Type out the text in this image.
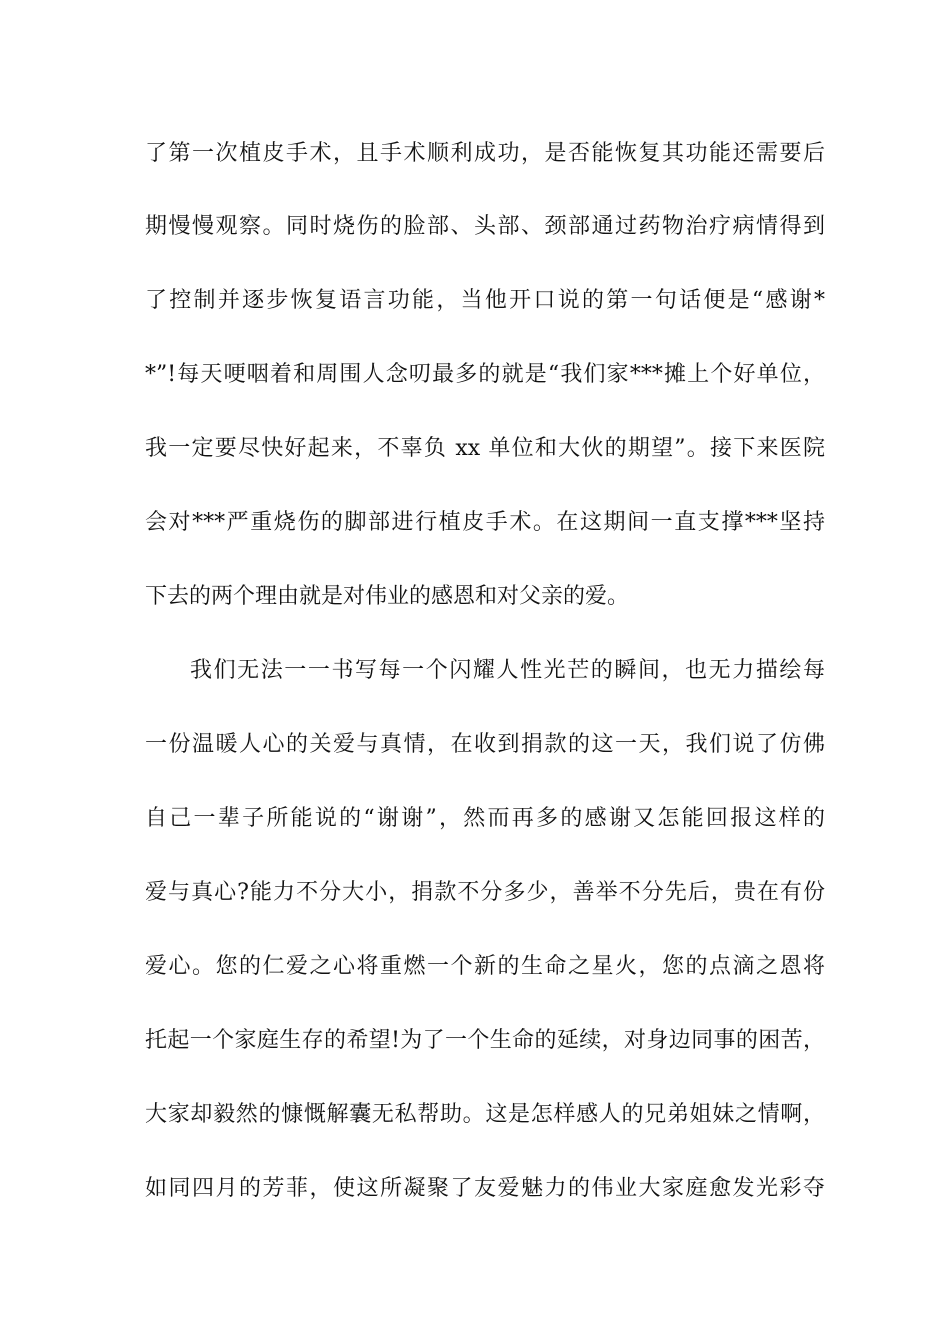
了第一次植皮手术，且手术顺利成功，是否能恢复其功能还需要后
期慢慢观察。同时烧伤的脸部、头部、颈部通过药物治疗病情得到
了控制并逐步恢复语言功能，当他开口说的第一句话便是“感谢*
*”!每天哽咽着和周围人念叨最多的就是“我们家***摊上个好单位，
我一定要尽快好起来，不辜负 xx 单位和大伙的期望”。接下来医院
会对***严重烧伤的脚部进行植皮手术。在这期间一直支撑***坚持
下去的两个理由就是对伟业的感恩和对父亲的爱。
我们无法一一书写每一个闪耀人性光芒的瞬间，也无力描绘每
一份温暖人心的关爱与真情，在收到捐款的这一天，我们说了仿佛
自己一辈子所能说的“谢谢”，然而再多的感谢又怎能回报这样的
爱与真心?能力不分大小，捐款不分多少，善举不分先后，贵在有份
爱心。您的仁爱之心将重燃一个新的生命之星火，您的点滴之恩将
托起一个家庭生存的希望!为了一个生命的延续，对身边同事的困苦，
大家却毅然的慷慨解囊无私帮助。这是怎样感人的兄弟姐妹之情啊，
如同四月的芳菲，使这所凝聚了友爱魅力的伟业大家庭愈发光彩夺
